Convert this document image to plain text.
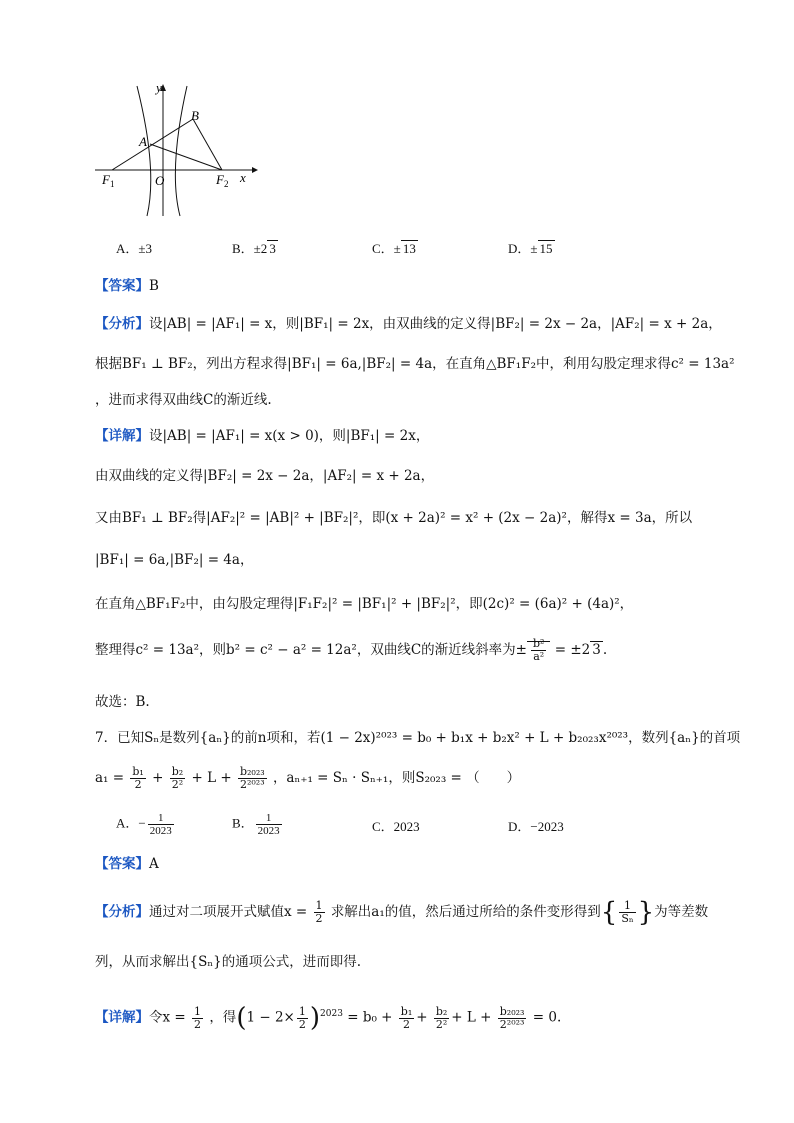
y
x
B
A
O
$F_1$	$F_2$
A．±3	B．±2 3	C．± 13	D．± 15
【答案】B
【分析】设|AB| = |AF₁| = x，则|BF₁| = 2x，由双曲线的定义得|BF₂| = 2x − 2a，|AF₂| = x + 2a，
根据BF₁ ⊥ BF₂，列出方程求得|BF₁| = 6a,|BF₂| = 4a，在直角△BF₁F₂中，利用勾股定理求得c² = 13a²
，进而求得双曲线C的渐近线.
【详解】设|AB| = |AF₁| = x(x > 0)，则|BF₁| = 2x，
由双曲线的定义得|BF₂| = 2x − 2a，|AF₂| = x + 2a，
又由BF₁ ⊥ BF₂得|AF₂|² = |AB|² + |BF₂|²，即(x + 2a)² = x² + (2x − 2a)²，解得x = 3a，所以
|BF₁| = 6a,|BF₂| = 4a，
在直角△BF₁F₂中，由勾股定理得|F₁F₂|² = |BF₁|² + |BF₂|²，即(2c)² = (6a)² + (4a)²，
整理得c² = 13a²，则b² = c² − a² = 12a²，双曲线C的渐近线斜率为± $\frac{\text{b²}}{\text{a²}} = \pm 2$ 3 .
故选：B.
7．已知Sₙ是数列{aₙ}的前n项和，若(1 − 2x)²⁰²³ = b₀ + b₁x + b₂x² + L + b₂₀₂₃x²⁰²³，数列{aₙ}的首项
$a_1 = \frac{\text{b₁}}{2} + \frac{\text{b₂}}{\text{2²}} + L + \frac{\text{b₂₀₂₃}}{\text{2²⁰²³}}$ ，aₙ₊₁ = Sₙ · Sₙ₊₁，则S₂₀₂₃ = （　　）
A．− $\frac{1}{2023}$	B． $\frac{1}{2023}$	C．2023	D．−2023
【答案】A
【分析】通过对二项展开式赋值$x = \frac{1}{2}$ 求解出a₁的值，然后通过所给的条件变形得到{ $\frac{1}{\text{Sₙ}}$ }为等差数
列，从而求解出{Sₙ}的通项公式，进而即得.
【详解】令$x = \frac{1}{2}$ ，得$(1 - 2\times \frac{1}{2} )^{2023} = b_0 + \frac{\text{b₁}}{2} + \frac{\text{b₂}}{\text{2²}} + L + \frac{\text{b₂₀₂₃}}{\text{2²⁰²³}} = 0$.
